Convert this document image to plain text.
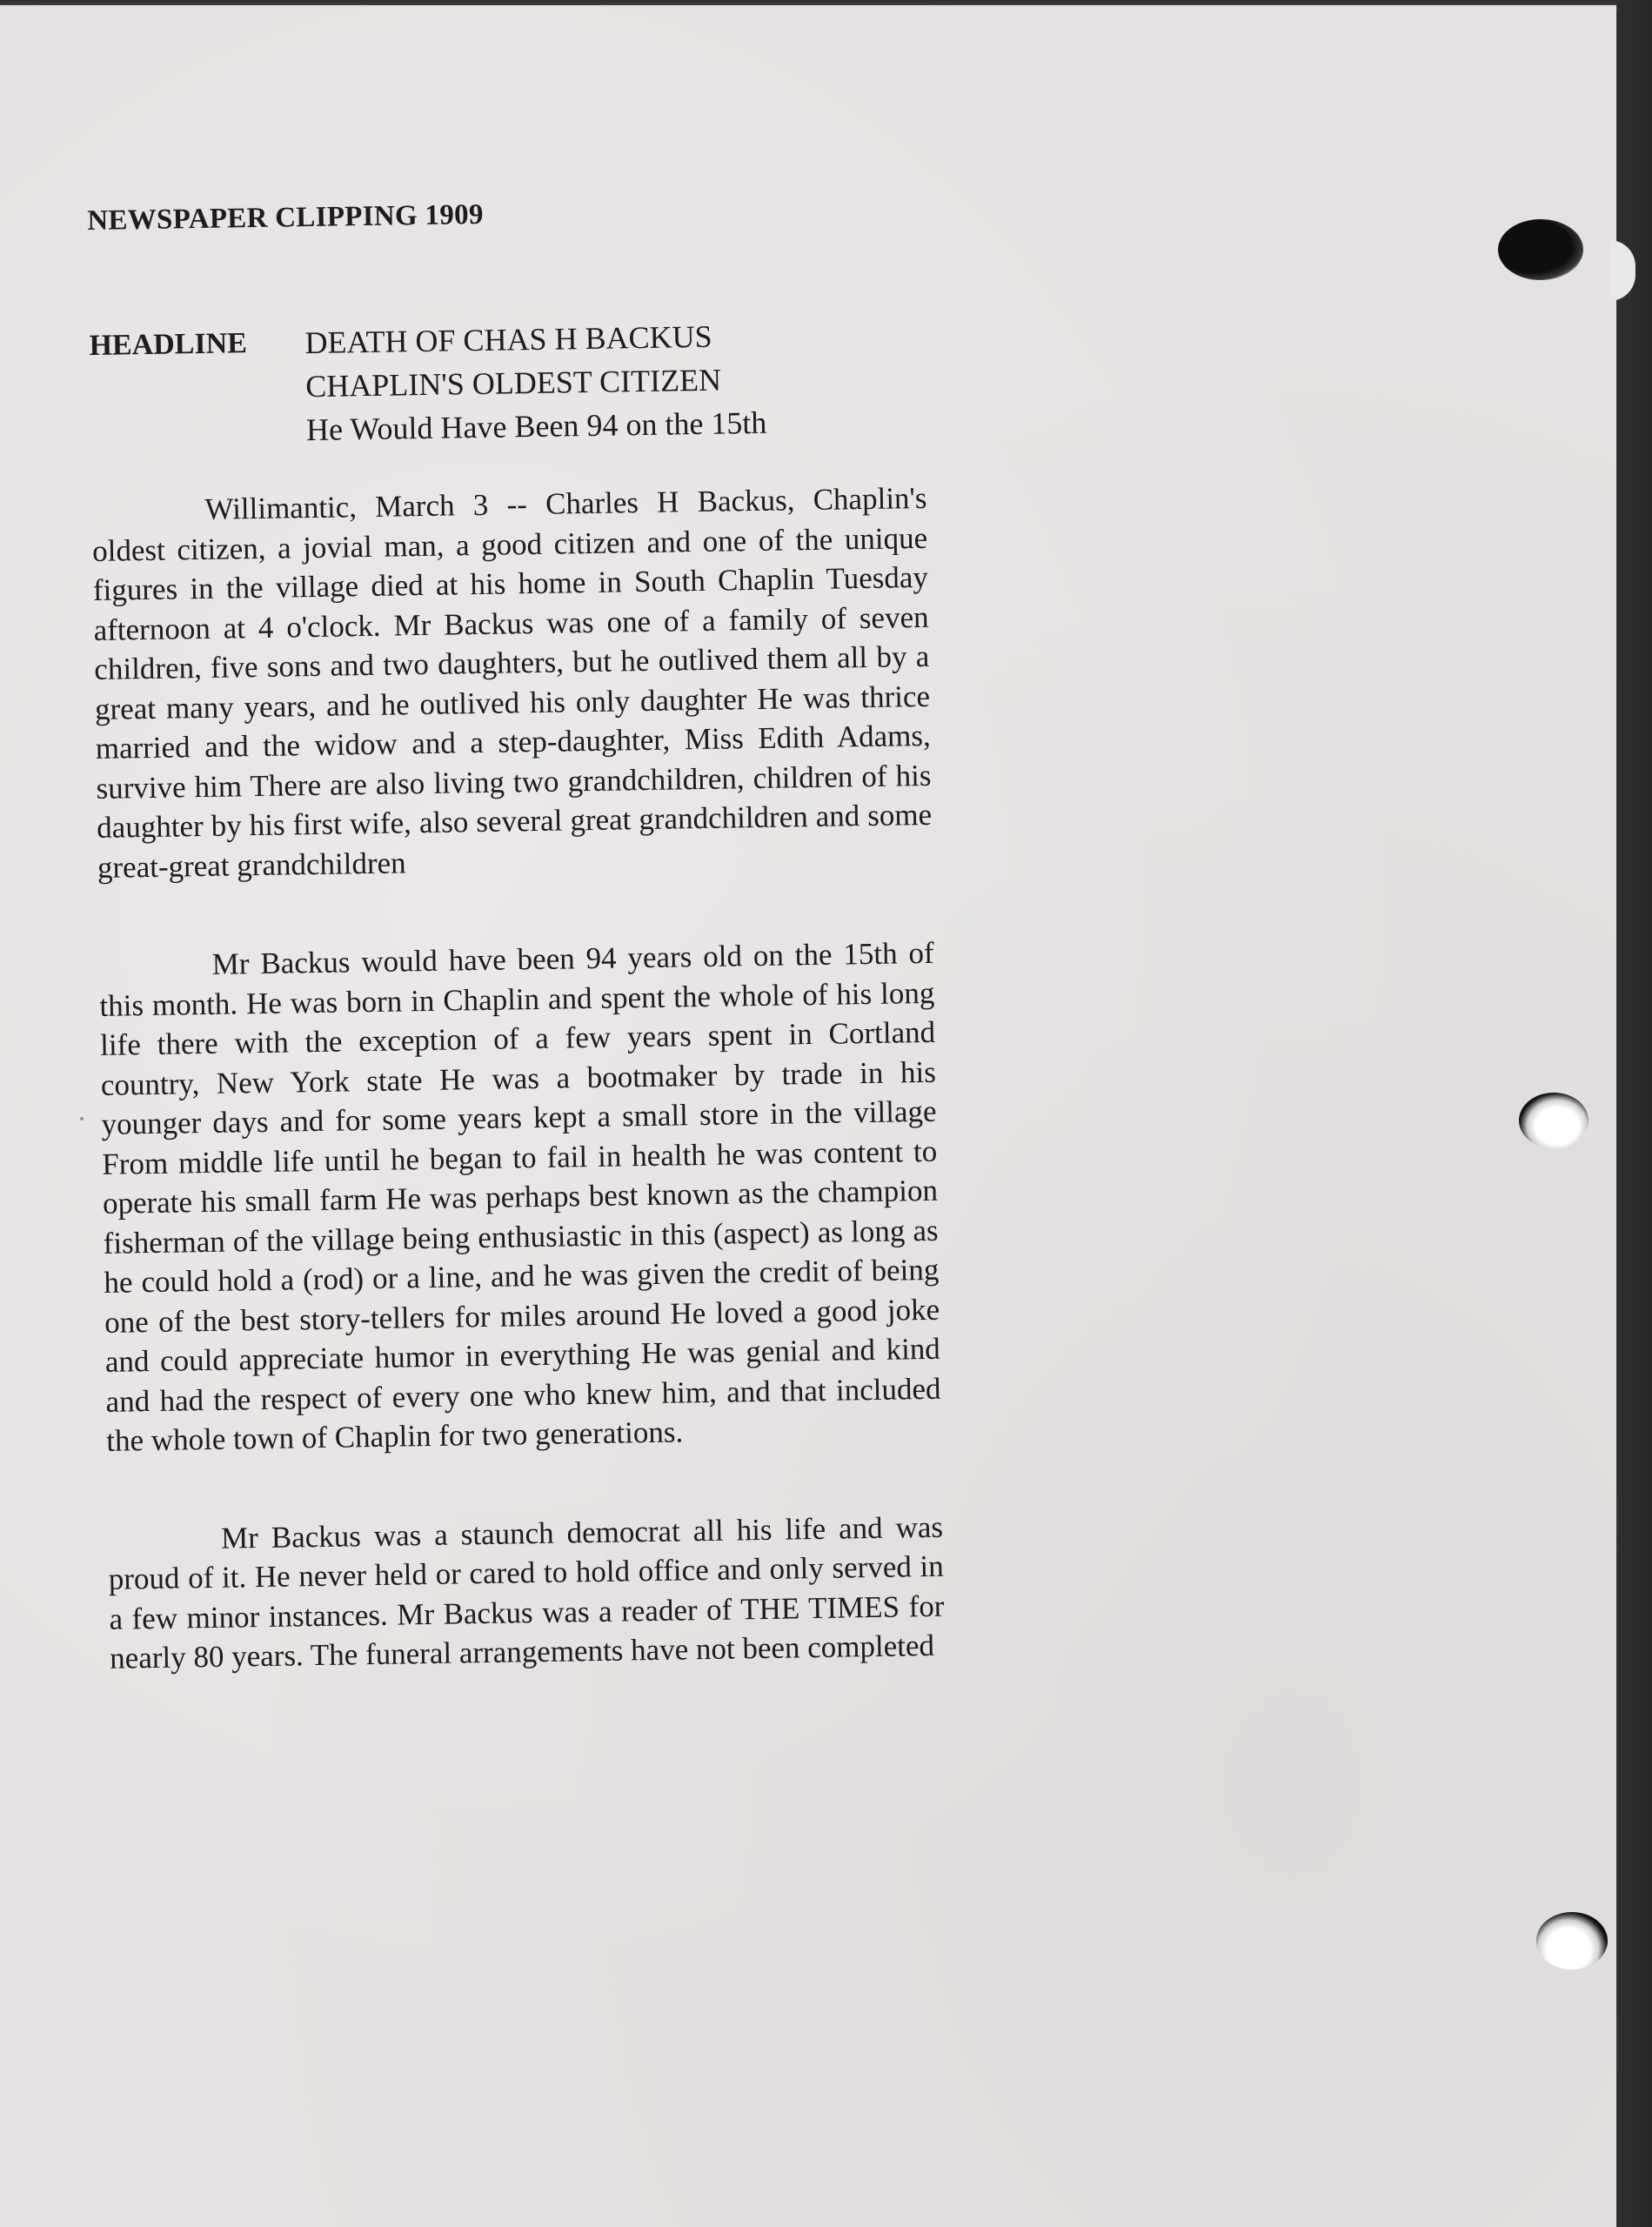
NEWSPAPER CLIPPING 1909
HEADLINE	DEATH OF CHAS H BACKUS
CHAPLIN'S OLDEST CITIZEN
He Would Have Been 94 on the 15th

Willimantic, March 3 -- Charles H Backus, Chaplin's oldest citizen, a jovial man, a good citizen and one of the unique figures in the village died at his home in South Chaplin Tuesday afternoon at 4 o'clock. Mr Backus was one of a family of seven children, five sons and two daughters, but he outlived them all by a great many years, and he outlived his only daughter He was thrice married and the widow and a step-daughter, Miss Edith Adams, survive him There are also living two grandchildren, children of his daughter by his first wife, also several great grandchildren and some great-great grandchildren

Mr Backus would have been 94 years old on the 15th of this month. He was born in Chaplin and spent the whole of his long life there with the exception of a few years spent in Cortland country, New York state He was a bootmaker by trade in his younger days and for some years kept a small store in the village From middle life until he began to fail in health he was content to operate his small farm He was perhaps best known as the champion fisherman of the village being enthusiastic in this (aspect) as long as he could hold a (rod) or a line, and he was given the credit of being one of the best story-tellers for miles around He loved a good joke and could appreciate humor in everything He was genial and kind and had the respect of every one who knew him, and that included the whole town of Chaplin for two generations.

Mr Backus was a staunch democrat all his life and was proud of it. He never held or cared to hold office and only served in a few minor instances. Mr Backus was a reader of THE TIMES for nearly 80 years. The funeral arrangements have not been completed
